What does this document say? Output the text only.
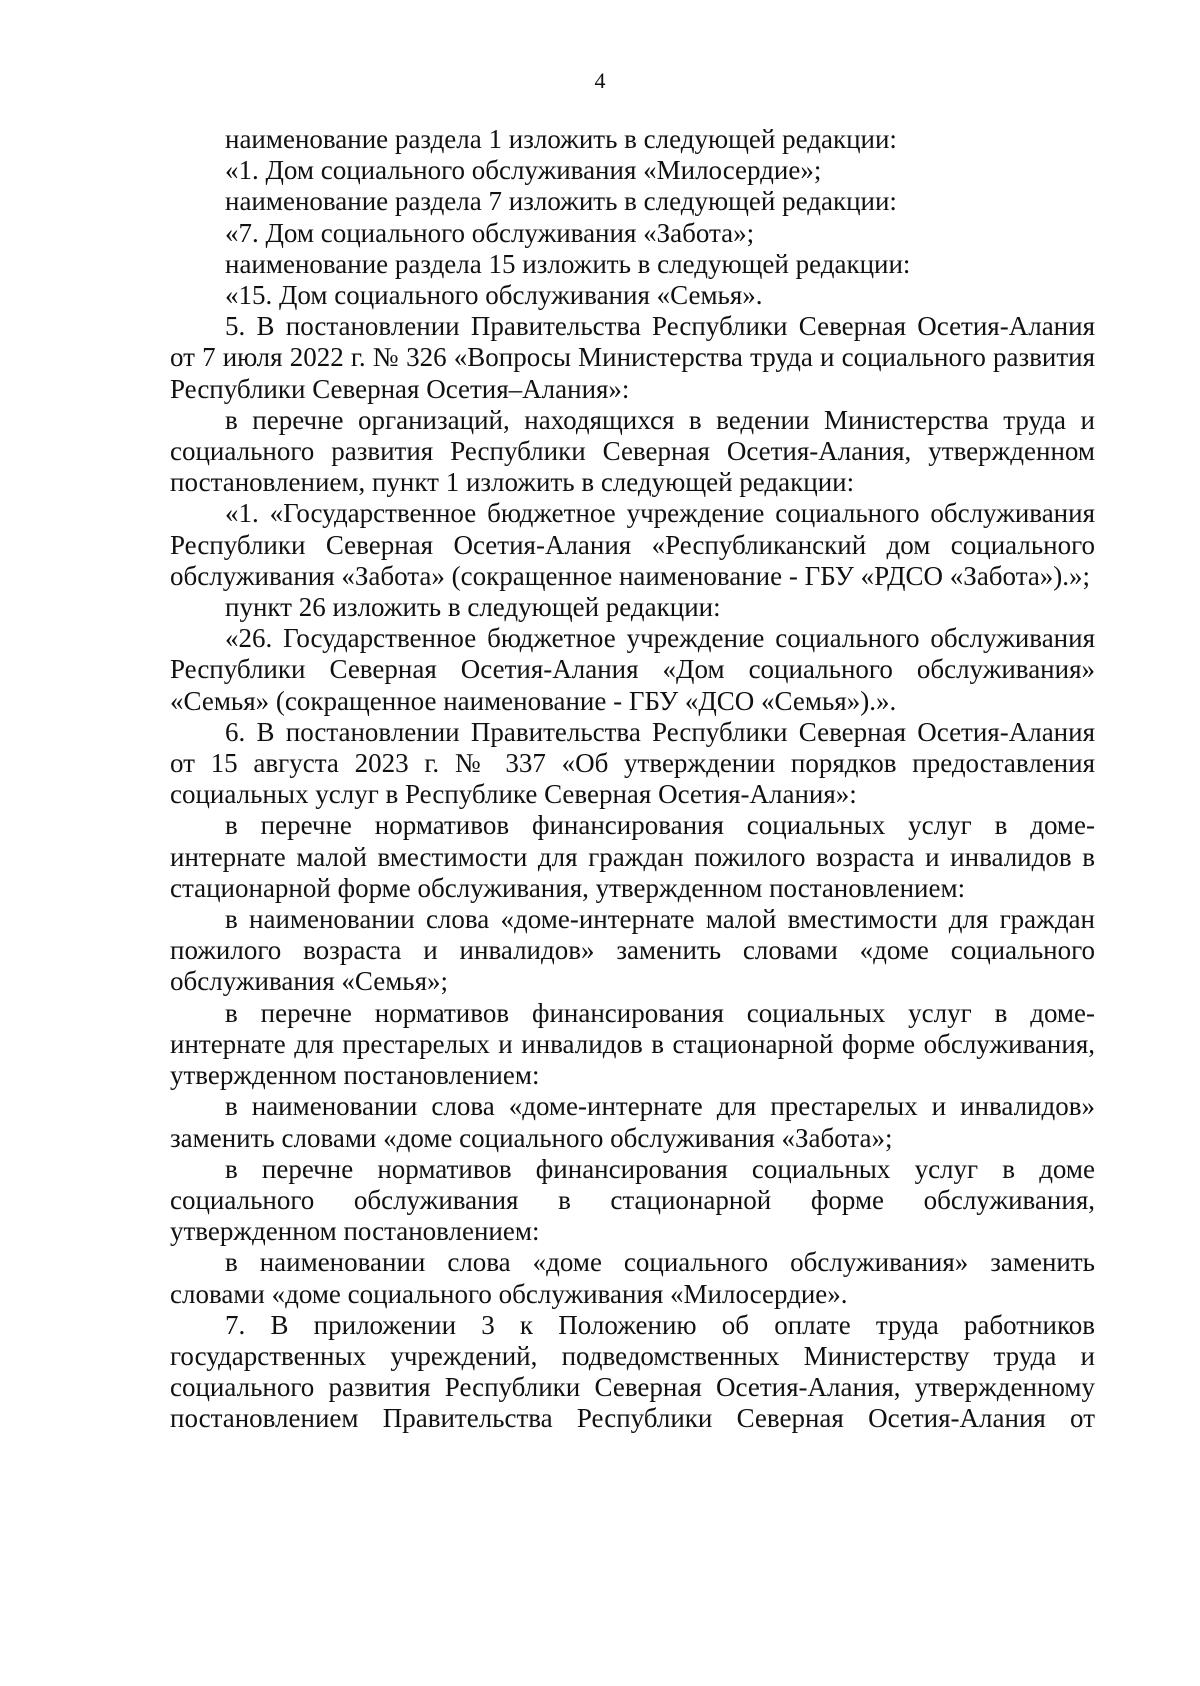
4

наименование раздела 1 изложить в следующей редакции:

«1. Дом социального обслуживания «Милосердие»;

наименование раздела 7 изложить в следующей редакции:

«7. Дом социального обслуживания «Забота»;

наименование раздела 15 изложить в следующей редакции:

«15. Дом социального обслуживания «Семья».

5. В постановлении Правительства Республики Северная Осетия-Алания от 7 июля 2022 г. № 326 «Вопросы Министерства труда и социального развития Республики Северная Осетия–Алания»:

в перечне организаций, находящихся в ведении Министерства труда и социального развития Республики Северная Осетия-Алания, утвержденном постановлением, пункт 1 изложить в следующей редакции:

«1. «Государственное бюджетное учреждение социального обслуживания Республики Северная Осетия-Алания «Республиканский дом социального обслуживания «Забота» (сокращенное наименование - ГБУ «РДСО «Забота»).»;

пункт 26 изложить в следующей редакции:

«26. Государственное бюджетное учреждение социального обслуживания Республики Северная Осетия-Алания «Дом социального обслуживания» «Семья» (сокращенное наименование - ГБУ «ДСО «Семья»).».

6. В постановлении Правительства Республики Северная Осетия-Алания от 15 августа 2023 г. № 337 «Об утверждении порядков предоставления социальных услуг в Республике Северная Осетия-Алания»:

в перечне нормативов финансирования социальных услуг в доме-интернате малой вместимости для граждан пожилого возраста и инвалидов в стационарной форме обслуживания, утвержденном постановлением:

в наименовании слова «доме-интернате малой вместимости для граждан пожилого возраста и инвалидов» заменить словами «доме социального обслуживания «Семья»;

в перечне нормативов финансирования социальных услуг в доме-интернате для престарелых и инвалидов в стационарной форме обслуживания, утвержденном постановлением:

в наименовании слова «доме-интернате для престарелых и инвалидов» заменить словами «доме социального обслуживания «Забота»;

в перечне нормативов финансирования социальных услуг в доме социального обслуживания в стационарной форме обслуживания, утвержденном постановлением:

в наименовании слова «доме социального обслуживания» заменить словами «доме социального обслуживания «Милосердие».

7. В приложении 3 к Положению об оплате труда работников государственных учреждений, подведомственных Министерству труда и социального развития Республики Северная Осетия-Алания, утвержденному постановлением Правительства Республики Северная Осетия-Алания от
